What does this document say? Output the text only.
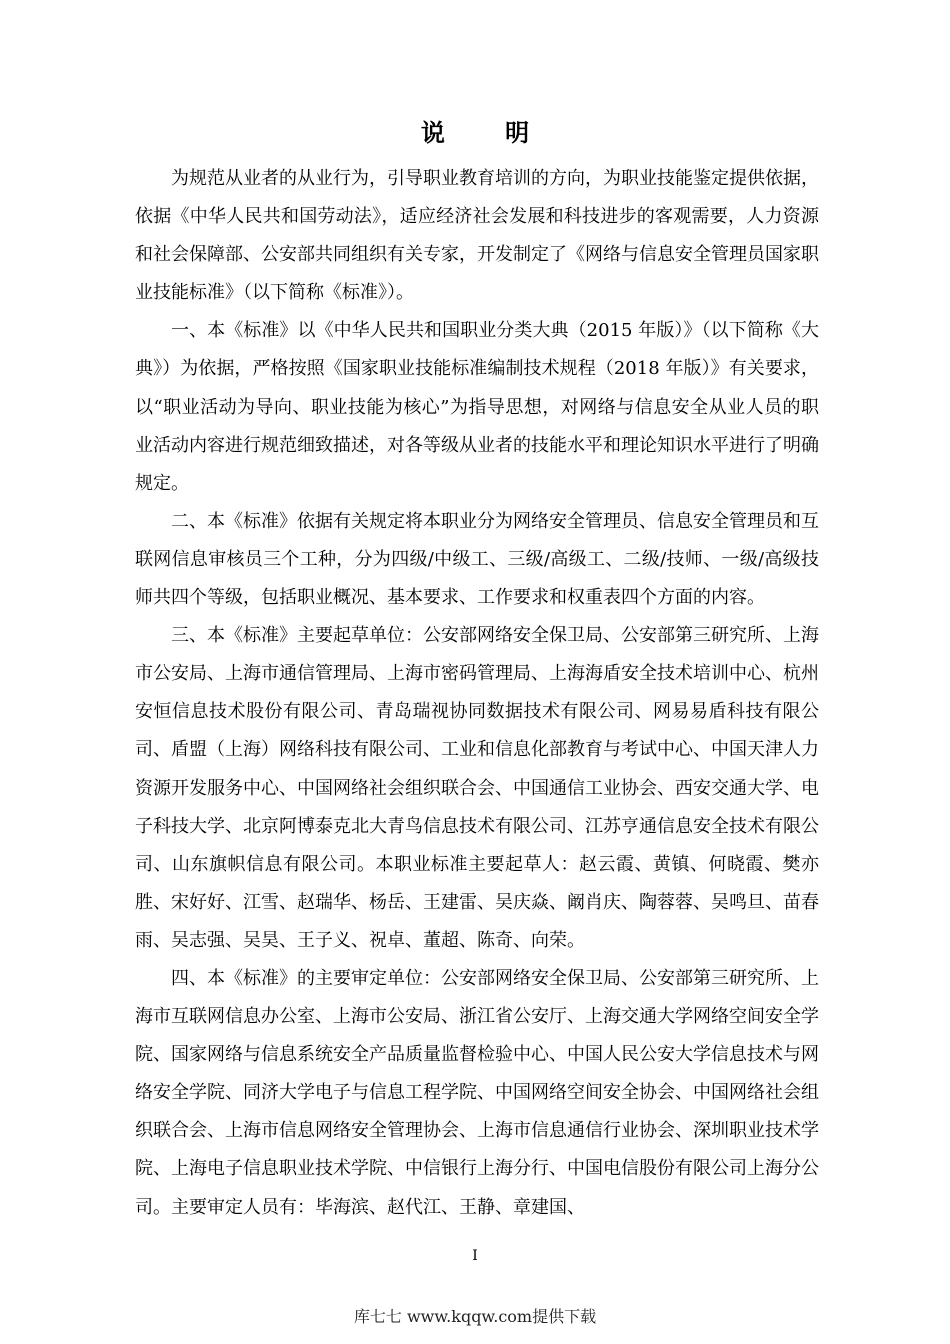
说 明

为规范从业者的从业行为，引导职业教育培训的方向，为职业技能鉴定提供依据，依据《中华人民共和国劳动法》，适应经济社会发展和科技进步的客观需要，人力资源和社会保障部、公安部共同组织有关专家，开发制定了《网络与信息安全管理员国家职业技能标准》（以下简称《标准》）。

一、本《标准》以《中华人民共和国职业分类大典（2015 年版）》（以下简称《大典》）为依据，严格按照《国家职业技能标准编制技术规程（2018 年版）》有关要求，以“职业活动为导向、职业技能为核心”为指导思想，对网络与信息安全从业人员的职业活动内容进行规范细致描述，对各等级从业者的技能水平和理论知识水平进行了明确规定。

二、本《标准》依据有关规定将本职业分为网络安全管理员、信息安全管理员和互联网信息审核员三个工种，分为四级/中级工、三级/高级工、二级/技师、一级/高级技师共四个等级，包括职业概况、基本要求、工作要求和权重表四个方面的内容。

三、本《标准》主要起草单位：公安部网络安全保卫局、公安部第三研究所、上海市公安局、上海市通信管理局、上海市密码管理局、上海海盾安全技术培训中心、杭州安恒信息技术股份有限公司、青岛瑞视协同数据技术有限公司、网易易盾科技有限公司、盾盟（上海）网络科技有限公司、工业和信息化部教育与考试中心、中国天津人力资源开发服务中心、中国网络社会组织联合会、中国通信工业协会、西安交通大学、电子科技大学、北京阿博泰克北大青鸟信息技术有限公司、江苏亨通信息安全技术有限公司、山东旗帜信息有限公司。本职业标准主要起草人：赵云霞、黄镇、何晓霞、樊亦胜、宋好好、江雪、赵瑞华、杨岳、王建雷、吴庆焱、阚肖庆、陶蓉蓉、吴鸣旦、苗春雨、吴志强、吴昊、王子义、祝卓、董超、陈奇、向荣。

四、本《标准》的主要审定单位：公安部网络安全保卫局、公安部第三研究所、上海市互联网信息办公室、上海市公安局、浙江省公安厅、上海交通大学网络空间安全学院、国家网络与信息系统安全产品质量监督检验中心、中国人民公安大学信息技术与网络安全学院、同济大学电子与信息工程学院、中国网络空间安全协会、中国网络社会组织联合会、上海市信息网络安全管理协会、上海市信息通信行业协会、深圳职业技术学院、上海电子信息职业技术学院、中信银行上海分行、中国电信股份有限公司上海分公司。主要审定人员有：毕海滨、赵代江、王静、章建国、

I
库七七 www.kqqw.com提供下载
